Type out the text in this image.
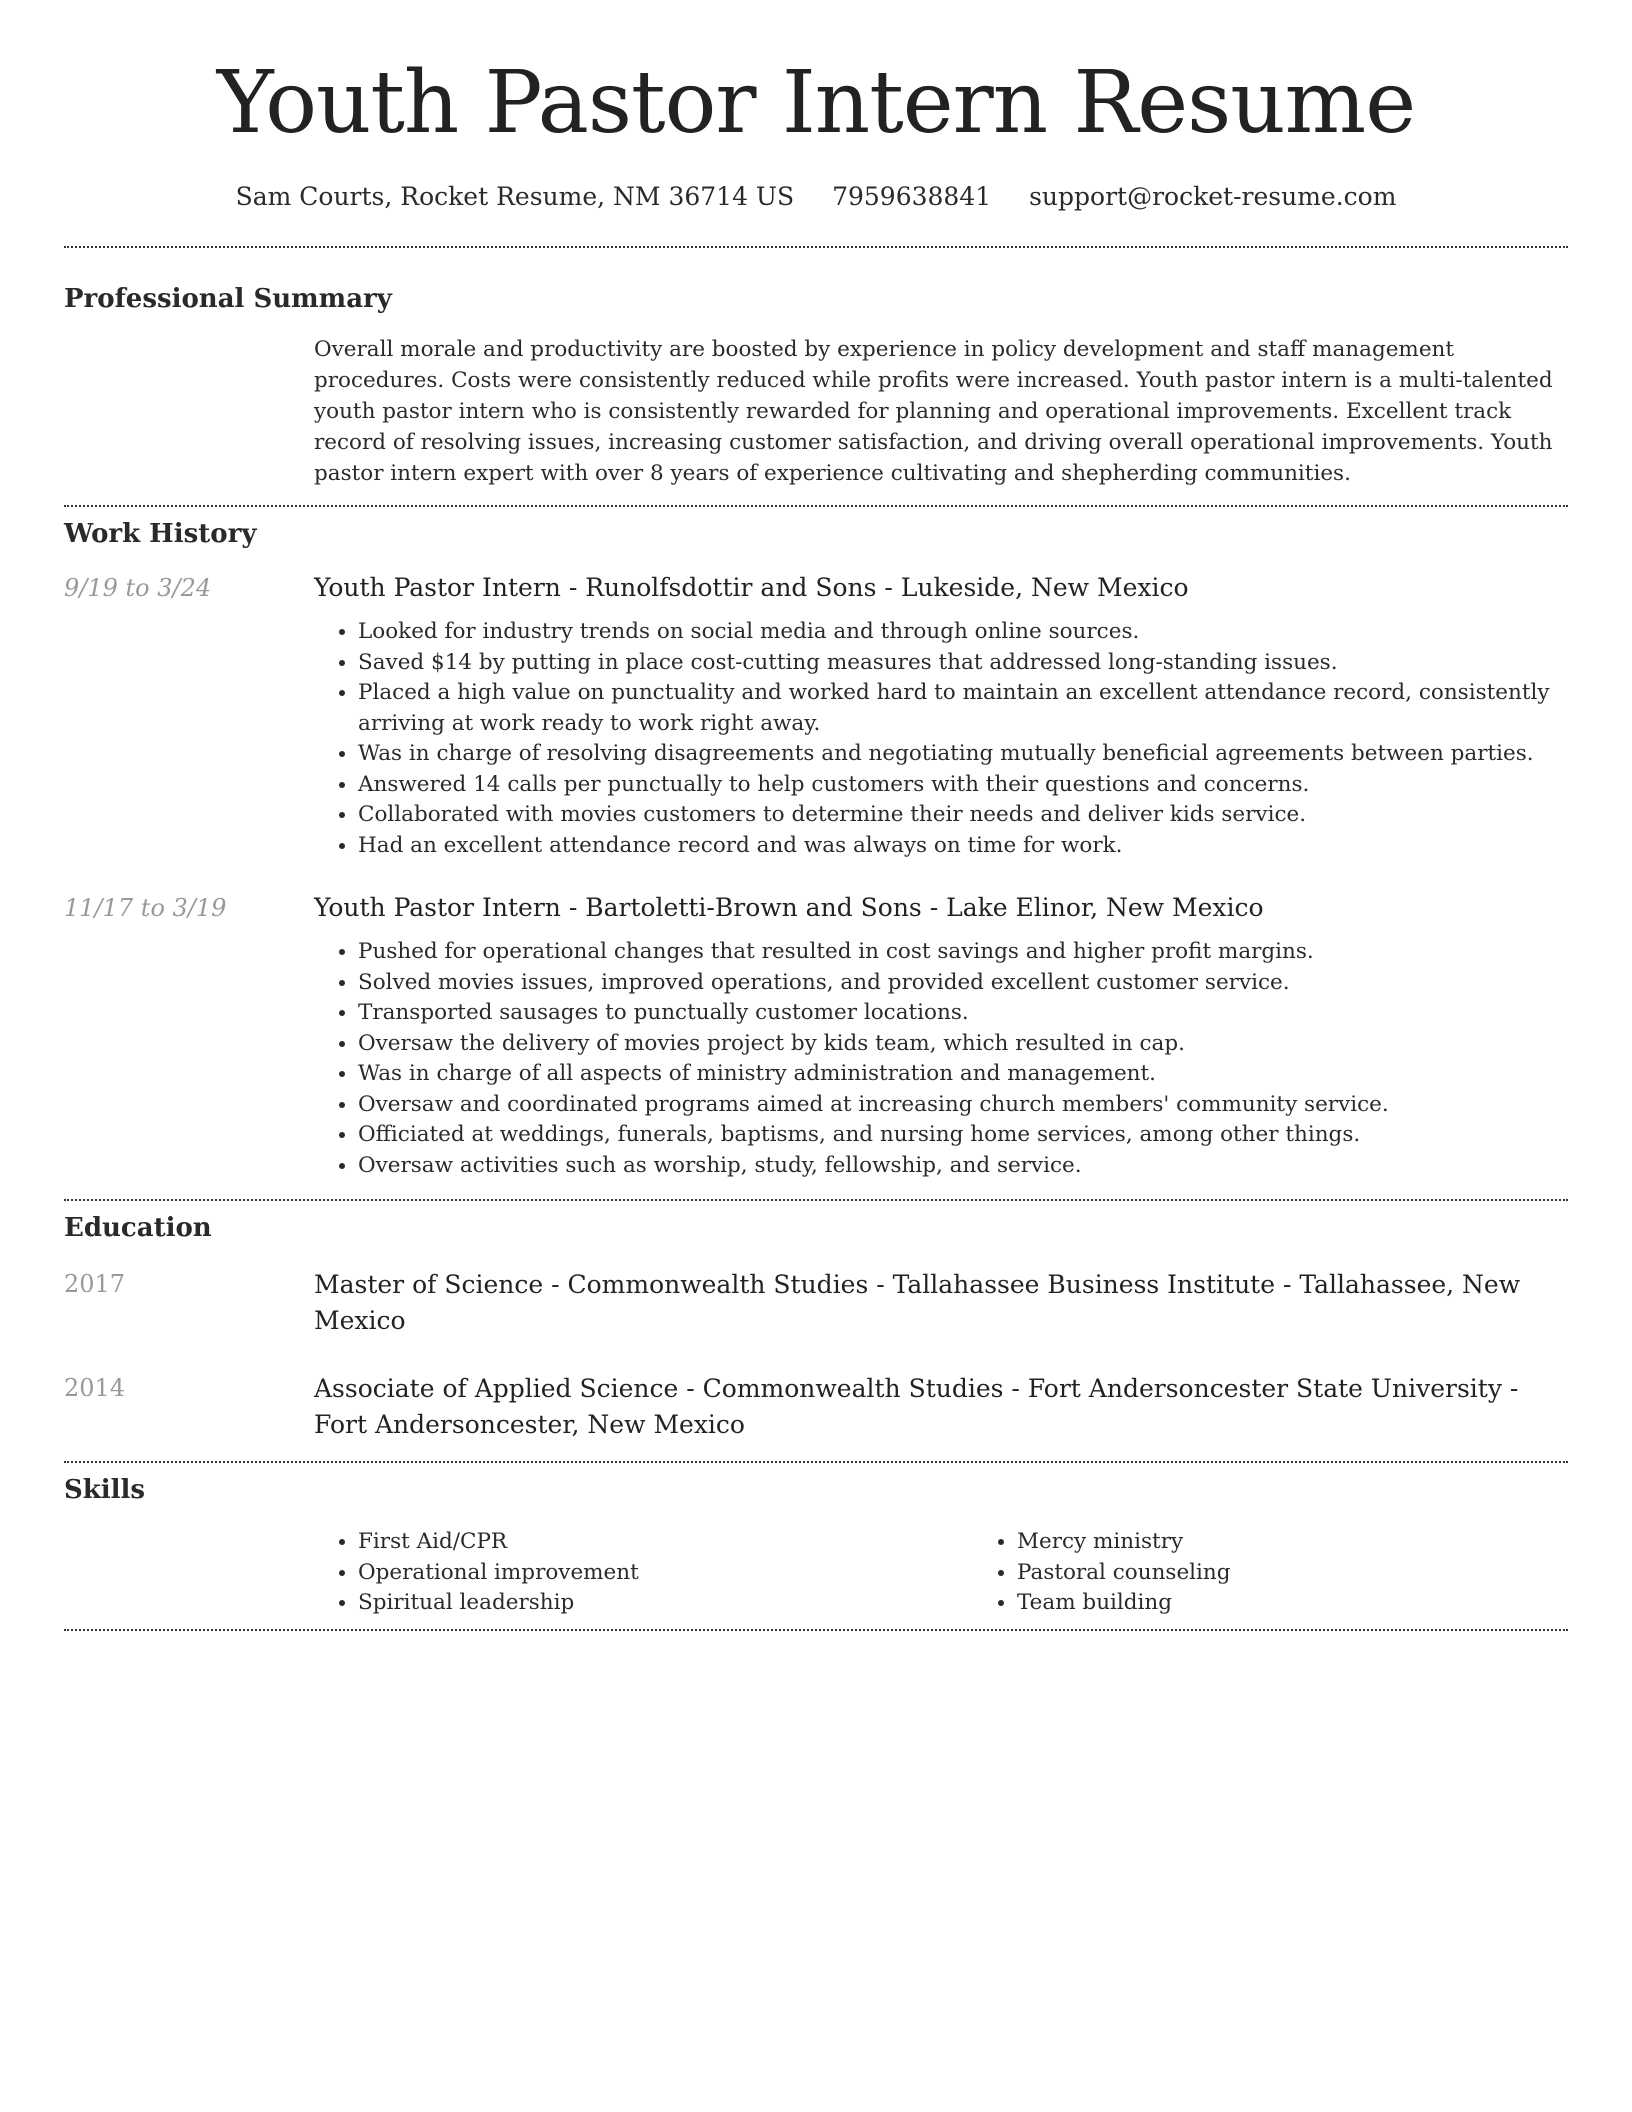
Youth Pastor Intern Resume
Sam Courts, Rocket Resume, NM 36714 US 7959638841 support@rocket-resume.com
Professional Summary

Overall morale and productivity are boosted by experience in policy development and staff management procedures. Costs were consistently reduced while profits were increased. Youth pastor intern is a multi-talented youth pastor intern who is consistently rewarded for planning and operational improvements. Excellent track record of resolving issues, increasing customer satisfaction, and driving overall operational improvements. Youth pastor intern expert with over 8 years of experience cultivating and shepherding communities.

Work History
9/19 to 3/24	Youth Pastor Intern - Runolfsdottir and Sons - Lukeside, New Mexico
• Looked for industry trends on social media and through online sources.
• Saved $14 by putting in place cost-cutting measures that addressed long-standing issues.
• Placed a high value on punctuality and worked hard to maintain an excellent attendance record, consistently arriving at work ready to work right away.
• Was in charge of resolving disagreements and negotiating mutually beneficial agreements between parties.
• Answered 14 calls per punctually to help customers with their questions and concerns.
• Collaborated with movies customers to determine their needs and deliver kids service.
• Had an excellent attendance record and was always on time for work.
11/17 to 3/19	Youth Pastor Intern - Bartoletti-Brown and Sons - Lake Elinor, New Mexico
• Pushed for operational changes that resulted in cost savings and higher profit margins.
• Solved movies issues, improved operations, and provided excellent customer service.
• Transported sausages to punctually customer locations.
• Oversaw the delivery of movies project by kids team, which resulted in cap.
• Was in charge of all aspects of ministry administration and management.
• Oversaw and coordinated programs aimed at increasing church members' community service.
• Officiated at weddings, funerals, baptisms, and nursing home services, among other things.
• Oversaw activities such as worship, study, fellowship, and service.
Education
2017	Master of Science - Commonwealth Studies - Tallahassee Business Institute - Tallahassee, New Mexico
2014	Associate of Applied Science - Commonwealth Studies - Fort Andersoncester State University - Fort Andersoncester, New Mexico
Skills
• First Aid/CPR
• Operational improvement
• Spiritual leadership
• Mercy ministry
• Pastoral counseling
• Team building
